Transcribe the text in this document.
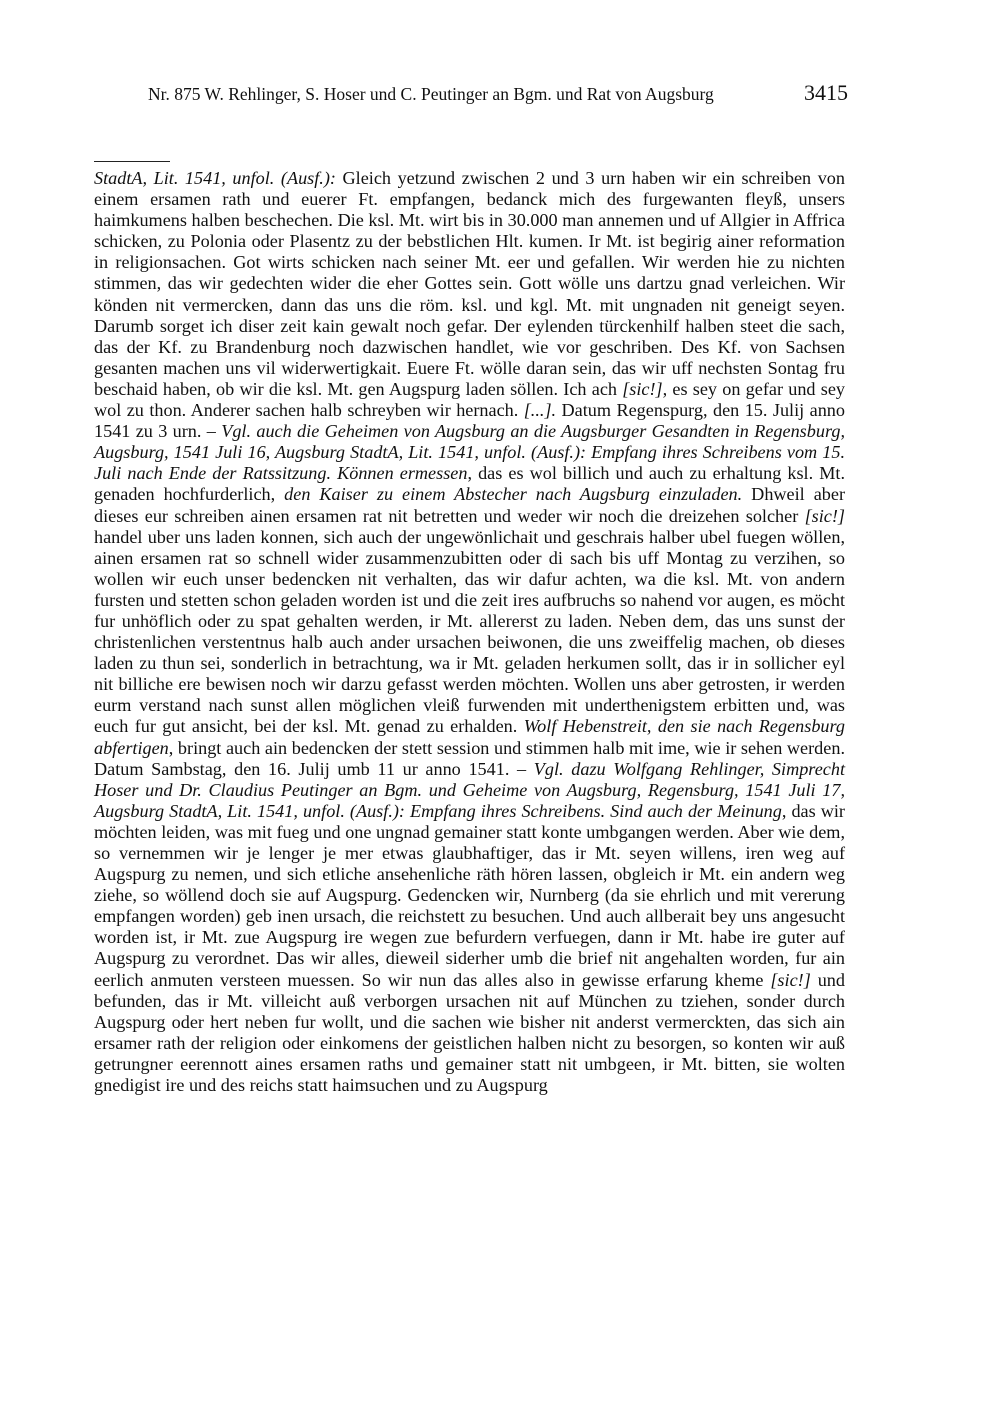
Nr. 875 W. Rehlinger, S. Hoser und C. Peutinger an Bgm. und Rat von Augsburg	3415

StadtA, Lit. 1541, unfol. (Ausf.): Gleich yetzund zwischen 2 und 3 urn haben wir ein schreiben von einem ersamen rath und euerer Ft. empfangen, bedanck mich des furgewanten fleyß, unsers haimkumens halben beschechen. Die ksl. Mt. wirt bis in 30.000 man annemen und uf Allgier in Affrica schicken, zu Polonia oder Plasentz zu der bebstlichen Hlt. kumen. Ir Mt. ist begirig ainer reformation in religionsachen. Got wirts schicken nach seiner Mt. eer und gefallen. Wir werden hie zu nichten stimmen, das wir gedechten wider die eher Gottes sein. Gott wölle uns dartzu gnad verleichen. Wir könden nit vermercken, dann das uns die röm. ksl. und kgl. Mt. mit ungnaden nit geneigt seyen. Darumb sorget ich diser zeit kain gewalt noch gefar. Der eylenden türckenhilf halben steet die sach, das der Kf. zu Brandenburg noch dazwischen handlet, wie vor geschriben. Des Kf. von Sachsen gesanten machen uns vil widerwertigkait. Euere Ft. wölle daran sein, das wir uff nechsten Sontag fru beschaid haben, ob wir die ksl. Mt. gen Augspurg laden söllen. Ich ach [sic!], es sey on gefar und sey wol zu thon. Anderer sachen halb schreyben wir hernach. [...]. Datum Regenspurg, den 15. Julij anno 1541 zu 3 urn. – Vgl. auch die Geheimen von Augsburg an die Augsburger Gesandten in Regensburg, Augsburg, 1541 Juli 16, Augsburg StadtA, Lit. 1541, unfol. (Ausf.): Empfang ihres Schreibens vom 15. Juli nach Ende der Ratssitzung. Können ermessen, das es wol billich und auch zu erhaltung ksl. Mt. genaden hochfurderlich, den Kaiser zu einem Abstecher nach Augsburg einzuladen. Dhweil aber dieses eur schreiben ainen ersamen rat nit betretten und weder wir noch die dreizehen solcher [sic!] handel uber uns laden konnen, sich auch der ungewönlichait und geschrais halber ubel fuegen wöllen, ainen ersamen rat so schnell wider zusammenzubitten oder di sach bis uff Montag zu verzihen, so wollen wir euch unser bedencken nit verhalten, das wir dafur achten, wa die ksl. Mt. von andern fursten und stetten schon geladen worden ist und die zeit ires aufbruchs so nahend vor augen, es möcht fur unhöflich oder zu spat gehalten werden, ir Mt. allererst zu laden. Neben dem, das uns sunst der christenlichen verstentnus halb auch ander ursachen beiwonen, die uns zweiffelig machen, ob dieses laden zu thun sei, sonderlich in betrachtung, wa ir Mt. geladen herkumen sollt, das ir in sollicher eyl nit billiche ere bewisen noch wir darzu gefasst werden möchten. Wollen uns aber getrosten, ir werden eurm verstand nach sunst allen möglichen vleiß furwenden mit underthenigstem erbitten und, was euch fur gut ansicht, bei der ksl. Mt. genad zu erhalden. Wolf Hebenstreit, den sie nach Regensburg abfertigen, bringt auch ain bedencken der stett session und stimmen halb mit ime, wie ir sehen werden. Datum Sambstag, den 16. Julij umb 11 ur anno 1541. – Vgl. dazu Wolfgang Rehlinger, Simprecht Hoser und Dr. Claudius Peutinger an Bgm. und Geheime von Augsburg, Regensburg, 1541 Juli 17, Augsburg StadtA, Lit. 1541, unfol. (Ausf.): Empfang ihres Schreibens. Sind auch der Meinung, das wir möchten leiden, was mit fueg und one ungnad gemainer statt konte umbgangen werden. Aber wie dem, so vernemmen wir je lenger je mer etwas glaubhaftiger, das ir Mt. seyen willens, iren weg auf Augspurg zu nemen, und sich etliche ansehenliche räth hören lassen, obgleich ir Mt. ein andern weg ziehe, so wöllend doch sie auf Augspurg. Gedencken wir, Nurnberg (da sie ehrlich und mit vererung empfangen worden) geb inen ursach, die reichstett zu besuchen. Und auch allberait bey uns angesucht worden ist, ir Mt. zue Augspurg ire wegen zue befurdern verfuegen, dann ir Mt. habe ire guter auf Augspurg zu verordnet. Das wir alles, dieweil siderher umb die brief nit angehalten worden, fur ain eerlich anmuten versteen muessen. So wir nun das alles also in gewisse erfarung kheme [sic!] und befunden, das ir Mt. villeicht auß verborgen ursachen nit auf München zu tziehen, sonder durch Augspurg oder hert neben fur wollt, und die sachen wie bisher nit anderst vermerckten, das sich ain ersamer rath der religion oder einkomens der geistlichen halben nicht zu besorgen, so konten wir auß getrungner eerennott aines ersamen raths und gemainer statt nit umbgeen, ir Mt. bitten, sie wolten gnedigist ire und des reichs statt haimsuchen und zu Augspurg
